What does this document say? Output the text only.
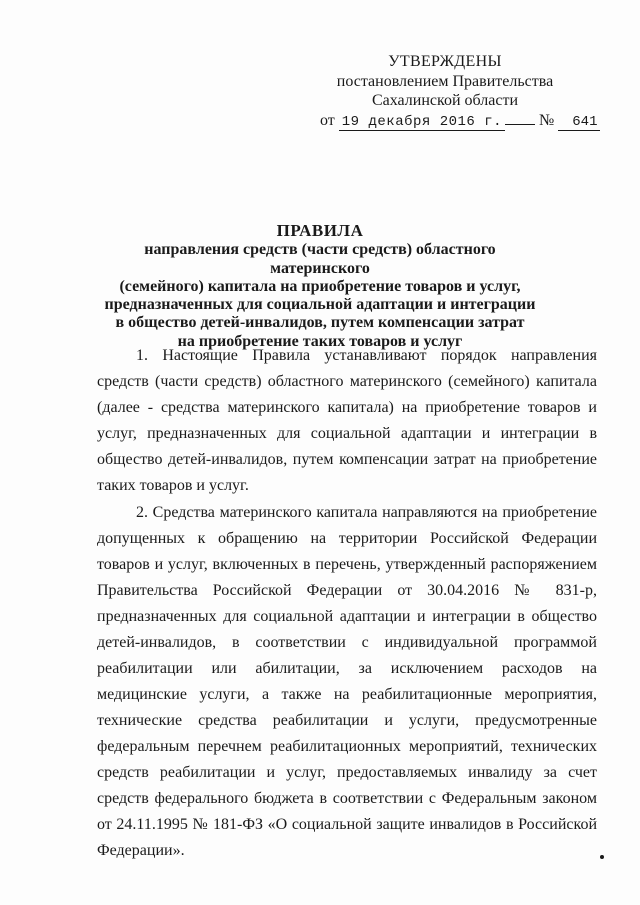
УТВЕРЖДЕНЫ
постановлением Правительства
Сахалинской области
от 19 декабря 2016 г. № 641
ПРАВИЛА
направления средств (части средств) областного материнского
(семейного) капитала на приобретение товаров и услуг,
предназначенных для социальной адаптации и интеграции
в общество детей-инвалидов, путем компенсации затрат
на приобретение таких товаров и услуг

1. Настоящие Правила устанавливают порядок направления средств (части средств) областного материнского (семейного) капитала (далее - средства материнского капитала) на приобретение товаров и услуг, предназначенных для социальной адаптации и интеграции в общество детей-инвалидов, путем компенсации затрат на приобретение таких товаров и услуг.

2. Средства материнского капитала направляются на приобретение допущенных к обращению на территории Российской Федерации товаров и услуг, включенных в перечень, утвержденный распоряжением Правительства Российской Федерации от 30.04.2016 № 831-р, предназначенных для социальной адаптации и интеграции в общество детей-инвалидов, в соответствии с индивидуальной программой реабилитации или абилитации, за исключением расходов на медицинские услуги, а также на реабилитационные мероприятия, технические средства реабилитации и услуги, предусмотренные федеральным перечнем реабилитационных мероприятий, технических средств реабилитации и услуг, предоставляемых инвалиду за счет средств федерального бюджета в соответствии с Федеральным законом от 24.11.1995 № 181-ФЗ «О социальной защите инвалидов в Российской Федерации».
